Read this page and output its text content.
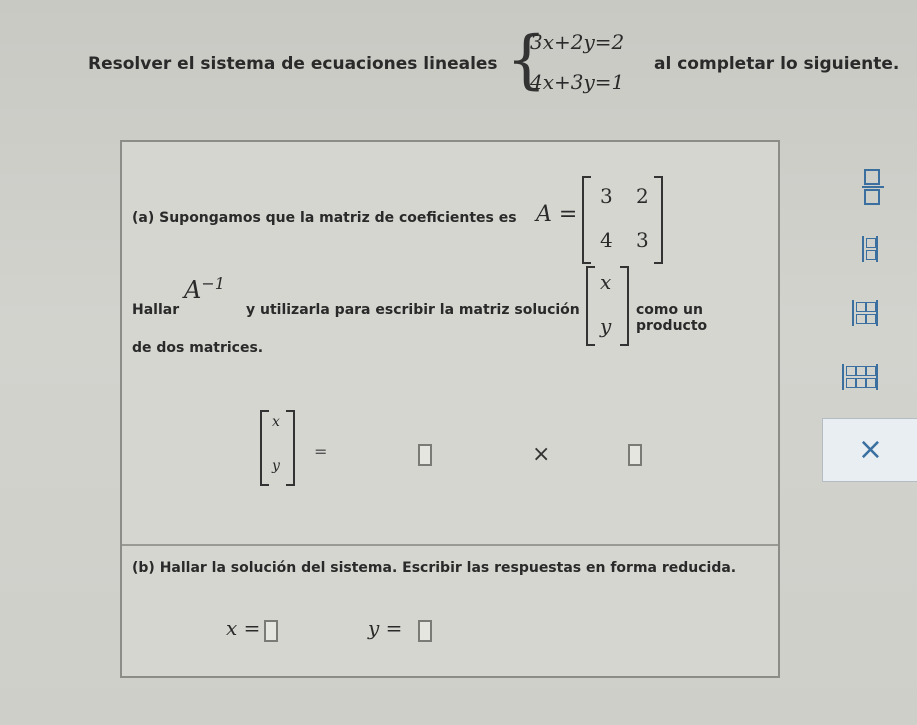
Resolver el sistema de ecuaciones lineales {
3x+2y=2
4x+3y=1
al completar lo siguiente.
(a) Supongamos que la matriz de coeficientes es A =
3 2
4 3
Hallar
$A^{-1}$
y utilizarla para escribir la matriz solución
x
y
como un producto
de dos matrices.
x
y
=	×
(b) Hallar la solución del sistema. Escribir las respuestas en forma reducida.
x =	y =
×
